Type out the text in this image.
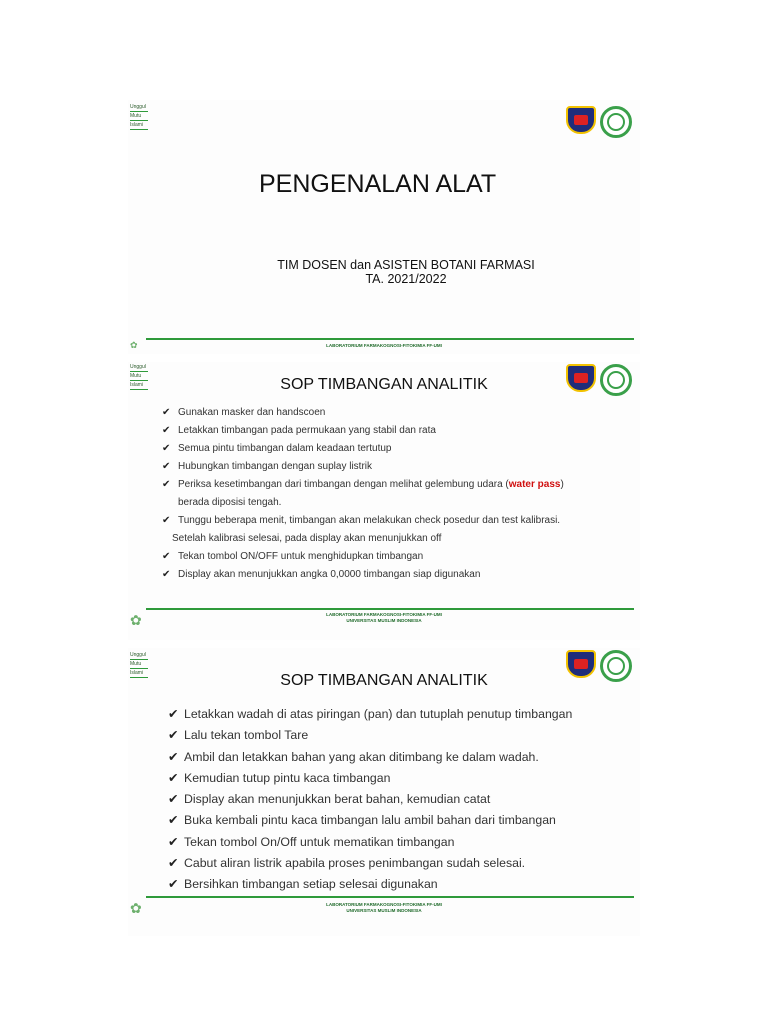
Unggul
Mutu
Islami
PENGENALAN ALAT
TIM DOSEN dan ASISTEN BOTANI FARMASI
TA. 2021/2022
✿	LABORATORIUM FARMAKOGNOSI-FITOKIMIA FF-UMI
Unggul
Mutu
Islami	SOP TIMBANGAN ANALITIK
✔ Gunakan masker dan handscoen
✔ Letakkan timbangan pada permukaan yang stabil dan rata
✔ Semua pintu timbangan dalam keadaan tertutup
✔ Hubungkan timbangan dengan suplay listrik
✔ Periksa kesetimbangan dari timbangan dengan melihat gelembung udara (water pass)
berada diposisi tengah.
✔ Tunggu beberapa menit, timbangan akan melakukan check posedur dan test kalibrasi.
Setelah kalibrasi selesai, pada display akan menunjukkan off
✔ Tekan tombol ON/OFF untuk menghidupkan timbangan
✔ Display akan menunjukkan angka 0,0000 timbangan siap digunakan
✿	LABORATORIUM FARMAKOGNOSI-FITOKIMIA FF-UMI
UNIVERSITAS MUSLIM INDONESIA
Unggul
Mutu
Islami	SOP TIMBANGAN ANALITIK
✔ Letakkan wadah di atas piringan (pan) dan tutuplah penutup timbangan
✔ Lalu tekan tombol Tare
✔ Ambil dan letakkan bahan yang akan ditimbang ke dalam wadah.
✔ Kemudian tutup pintu kaca timbangan
✔ Display akan menunjukkan berat bahan, kemudian catat
✔ Buka kembali pintu kaca timbangan lalu ambil bahan dari timbangan
✔ Tekan tombol On/Off untuk mematikan timbangan
✔ Cabut aliran listrik apabila proses penimbangan sudah selesai.
✔ Bersihkan timbangan setiap selesai digunakan
✿	LABORATORIUM FARMAKOGNOSI-FITOKIMIA FF-UMI
UNIVERSITAS MUSLIM INDONESIA
